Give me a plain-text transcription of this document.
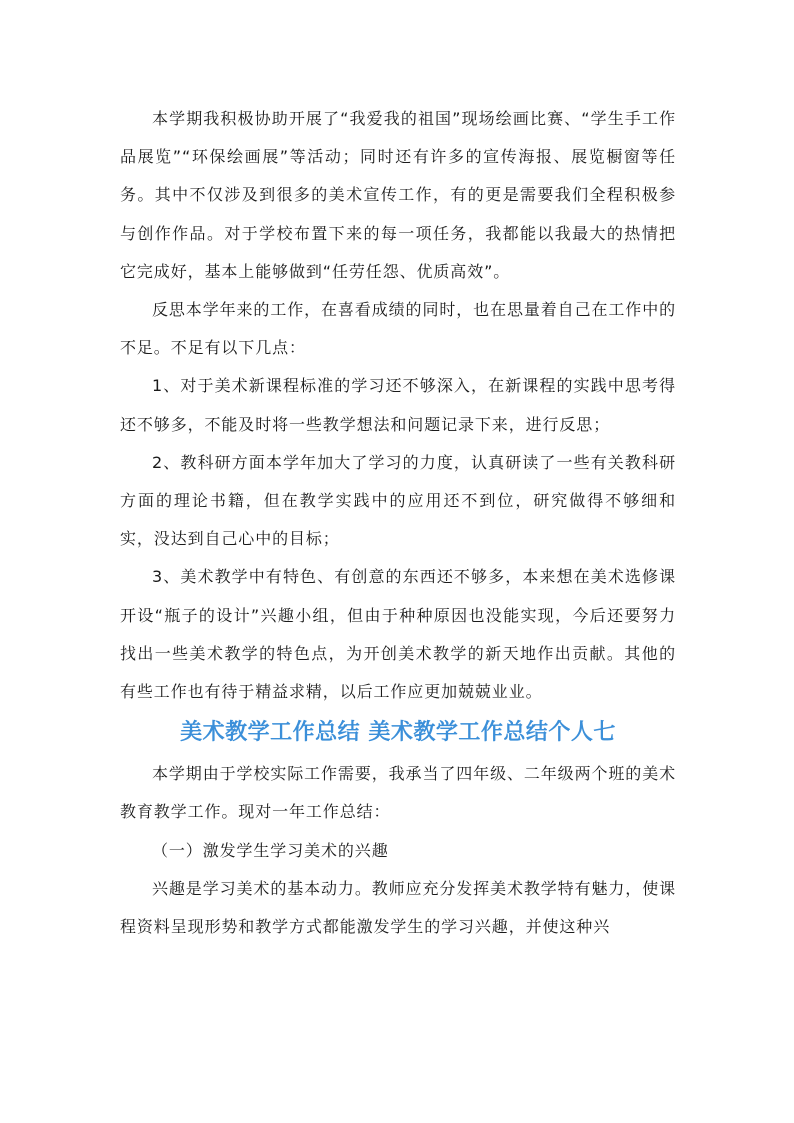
本学期我积极协助开展了“我爱我的祖国”现场绘画比赛、“学生手工作品展览”“环保绘画展”等活动；同时还有许多的宣传海报、展览橱窗等任务。其中不仅涉及到很多的美术宣传工作，有的更是需要我们全程积极参与创作作品。对于学校布置下来的每一项任务，我都能以我最大的热情把它完成好，基本上能够做到“任劳任怨、优质高效”。

反思本学年来的工作，在喜看成绩的同时，也在思量着自己在工作中的不足。不足有以下几点：

1、对于美术新课程标准的学习还不够深入，在新课程的实践中思考得还不够多，不能及时将一些教学想法和问题记录下来，进行反思；

2、教科研方面本学年加大了学习的力度，认真研读了一些有关教科研方面的理论书籍，但在教学实践中的应用还不到位，研究做得不够细和实，没达到自己心中的目标；

3、美术教学中有特色、有创意的东西还不够多，本来想在美术选修课开设“瓶子的设计”兴趣小组，但由于种种原因也没能实现，今后还要努力找出一些美术教学的特色点，为开创美术教学的新天地作出贡献。其他的有些工作也有待于精益求精，以后工作应更加兢兢业业。

美术教学工作总结 美术教学工作总结个人七

本学期由于学校实际工作需要，我承当了四年级、二年级两个班的美术教育教学工作。现对一年工作总结：

（一）激发学生学习美术的兴趣

兴趣是学习美术的基本动力。教师应充分发挥美术教学特有魅力，使课程资料呈现形势和教学方式都能激发学生的学习兴趣，并使这种兴
